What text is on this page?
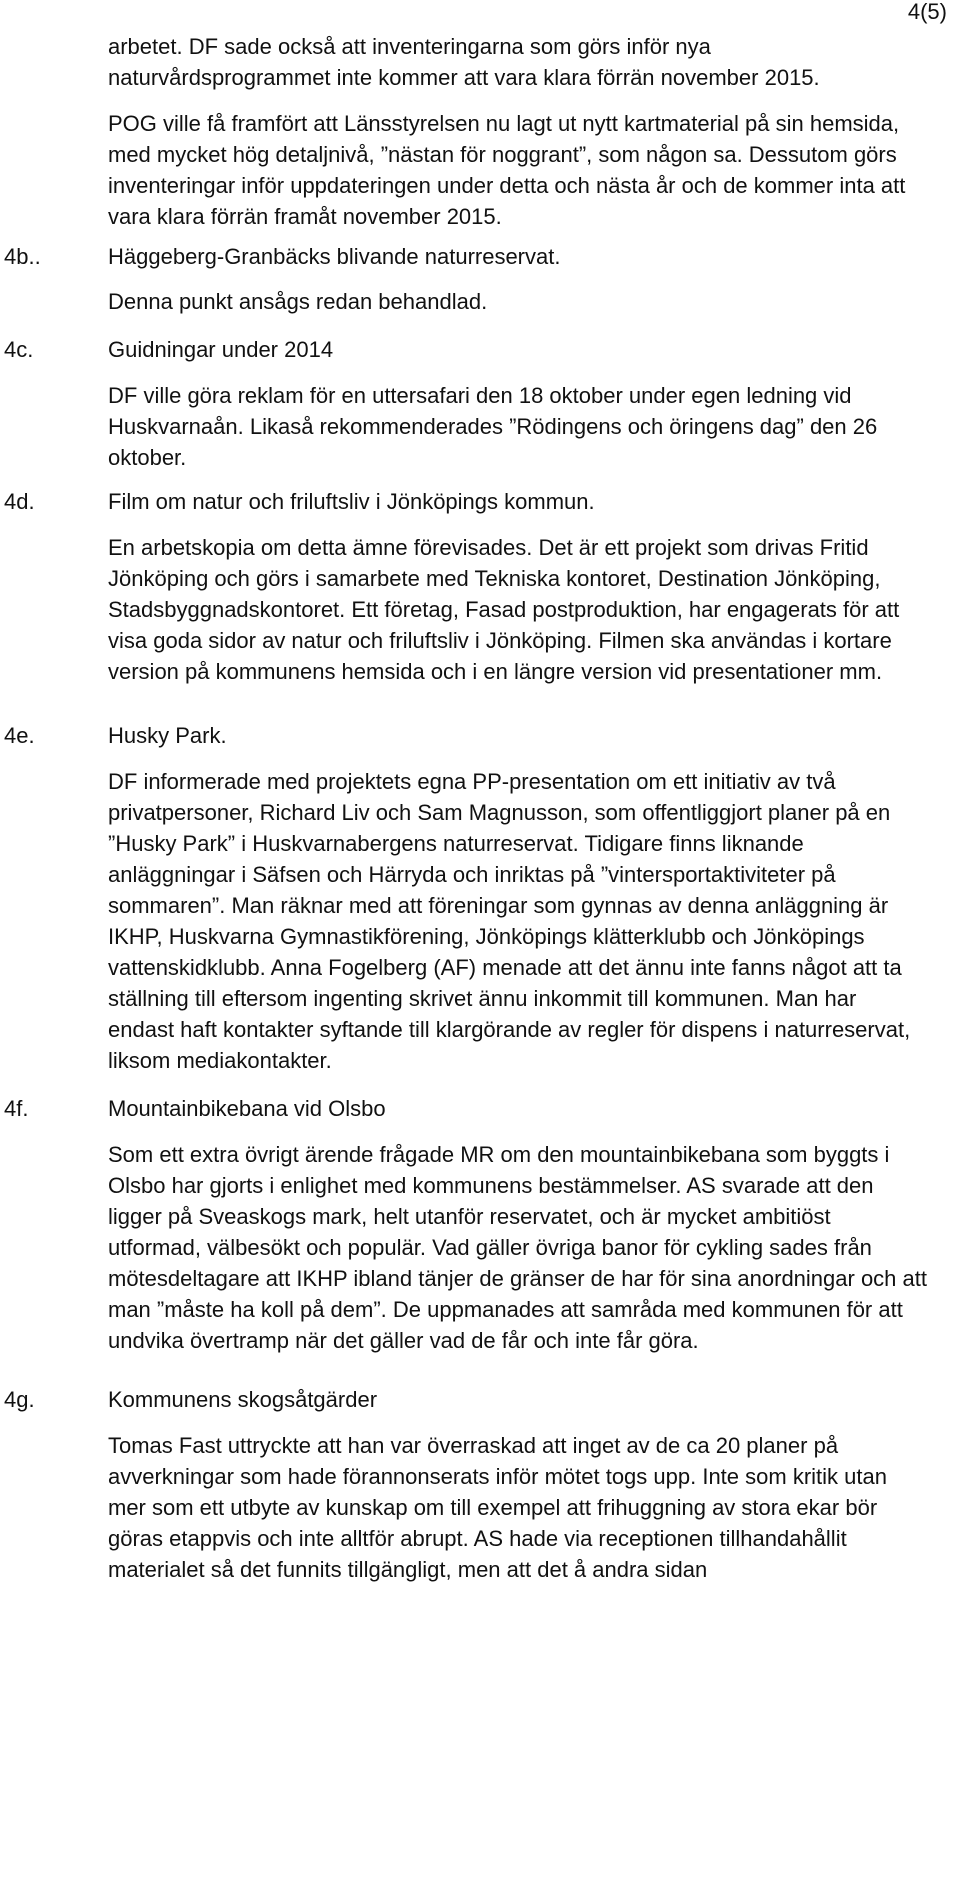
4(5)

arbetet. DF sade också att inventeringarna som görs inför nya naturvårdsprogrammet inte kommer att vara klara förrän november 2015.

POG ville få framfört att Länsstyrelsen nu lagt ut nytt kartmaterial på sin hemsida, med mycket hög detaljnivå, ”nästan för noggrant”, som någon sa. Dessutom görs inventeringar inför uppdateringen under detta och nästa år och de kommer inta att vara klara förrän framåt november 2015.

4b..	Häggeberg-Granbäcks blivande naturreservat.

Denna punkt ansågs redan behandlad.

4c.	Guidningar under 2014

DF ville göra reklam för en uttersafari den 18 oktober under egen ledning vid Huskvarnaån. Likaså rekommenderades ”Rödingens och öringens dag” den 26 oktober.

4d.	Film om natur och friluftsliv i Jönköpings kommun.

En arbetskopia om detta ämne förevisades. Det är ett projekt som drivas Fritid Jönköping och görs i samarbete med Tekniska kontoret, Destination Jönköping, Stadsbyggnadskontoret. Ett företag, Fasad postproduktion, har engagerats för att visa goda sidor av natur och friluftsliv i Jönköping. Filmen ska användas i kortare version på kommunens hemsida och i en längre version vid presentationer mm.

4e.	Husky Park.

DF informerade med projektets egna PP-presentation om ett initiativ av två privatpersoner, Richard Liv och Sam Magnusson, som offentliggjort planer på en ”Husky Park” i Huskvarnabergens naturreservat. Tidigare finns liknande anläggningar i Säfsen och Härryda och inriktas på ”vintersportaktiviteter på sommaren”. Man räknar med att föreningar som gynnas av denna anläggning är IKHP, Huskvarna Gymnastikförening, Jönköpings klätterklubb och Jönköpings vattenskidklubb. Anna Fogelberg (AF) menade att det ännu inte fanns något att ta ställning till eftersom ingenting skrivet ännu inkommit till kommunen. Man har endast haft kontakter syftande till klargörande av regler för dispens i naturreservat, liksom mediakontakter.

4f.	Mountainbikebana vid Olsbo

Som ett extra övrigt ärende frågade MR om den mountainbikebana som byggts i Olsbo har gjorts i enlighet med kommunens bestämmelser. AS svarade att den ligger på Sveaskogs mark, helt utanför reservatet, och är mycket ambitiöst utformad, välbesökt och populär. Vad gäller övriga banor för cykling sades från mötesdeltagare att IKHP ibland tänjer de gränser de har för sina anordningar och att man ”måste ha koll på dem”. De uppmanades att samråda med kommunen för att undvika övertramp när det gäller vad de får och inte får göra.

4g.	Kommunens skogsåtgärder

Tomas Fast uttryckte att han var överraskad att inget av de ca 20 planer på avverkningar som hade förannonserats inför mötet togs upp. Inte som kritik utan mer som ett utbyte av kunskap om till exempel att frihuggning av stora ekar bör göras etappvis och inte alltför abrupt. AS hade via receptionen tillhandahållit materialet så det funnits tillgängligt, men att det å andra sidan
